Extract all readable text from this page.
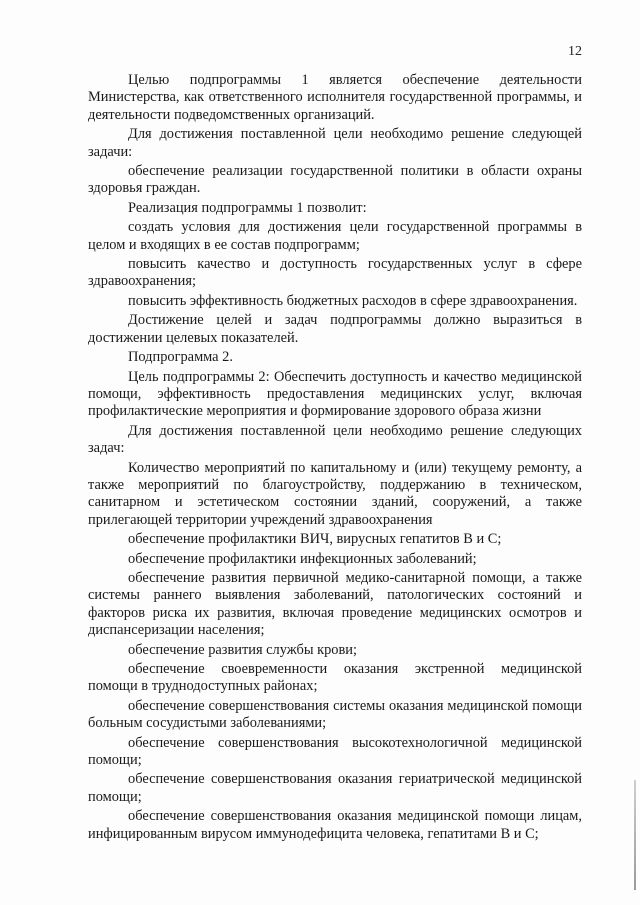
12

Целью подпрограммы 1 является обеспечение деятельности Министерства, как ответственного исполнителя государственной программы, и деятельности подведомственных организаций.

Для достижения поставленной цели необходимо решение следующей задачи:

обеспечение реализации государственной политики в области охраны здоровья граждан.

Реализация подпрограммы 1 позволит:

создать условия для достижения цели государственной программы в целом и входящих в ее состав подпрограмм;

повысить качество и доступность государственных услуг в сфере здравоохранения;

повысить эффективность бюджетных расходов в сфере здравоохранения.

Достижение целей и задач подпрограммы должно выразиться в достижении целевых показателей.

Подпрограмма 2.

Цель подпрограммы 2: Обеспечить доступность и качество медицинской помощи, эффективность предоставления медицинских услуг, включая профилактические мероприятия и формирование здорового образа жизни

Для достижения поставленной цели необходимо решение следующих задач:

Количество мероприятий по капитальному и (или) текущему ремонту, а также мероприятий по благоустройству, поддержанию в техническом, санитарном и эстетическом состоянии зданий, сооружений, а также прилегающей территории учреждений здравоохранения

обеспечение профилактики ВИЧ, вирусных гепатитов В и С;

обеспечение профилактики инфекционных заболеваний;

обеспечение развития первичной медико-санитарной помощи, а также системы раннего выявления заболеваний, патологических состояний и факторов риска их развития, включая проведение медицинских осмотров и диспансеризации населения;

обеспечение развития службы крови;

обеспечение своевременности оказания экстренной медицинской помощи в труднодоступных районах;

обеспечение совершенствования системы оказания медицинской помощи больным сосудистыми заболеваниями;

обеспечение совершенствования высокотехнологичной медицинской помощи;

обеспечение совершенствования оказания гериатрической медицинской помощи;

обеспечение совершенствования оказания медицинской помощи лицам, инфицированным вирусом иммунодефицита человека, гепатитами В и С;
